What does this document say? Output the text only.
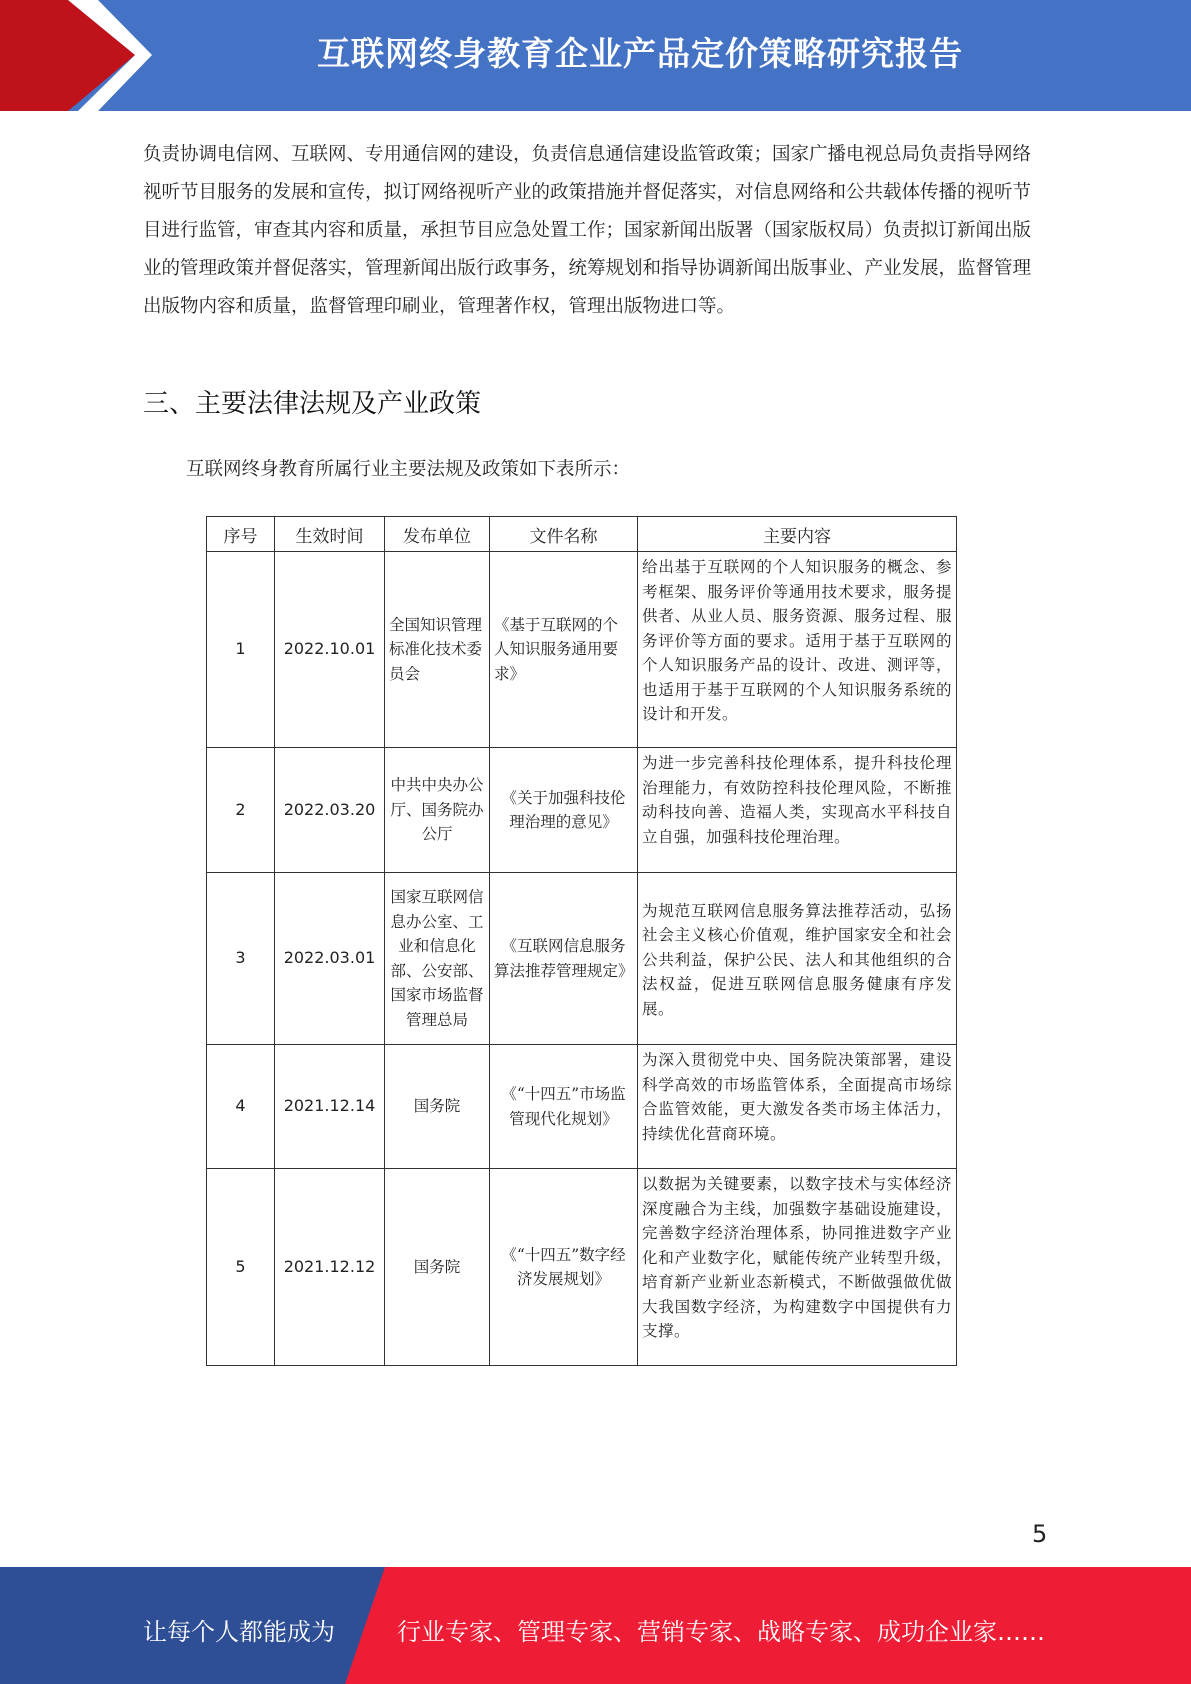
互联网终身教育企业产品定价策略研究报告
负责协调电信网、互联网、专用通信网的建设，负责信息通信建设监管政策；国家广播电视总局负责指导网络视听节目服务的发展和宣传，拟订网络视听产业的政策措施并督促落实，对信息网络和公共载体传播的视听节目进行监管，审查其内容和质量，承担节目应急处置工作；国家新闻出版署（国家版权局）负责拟订新闻出版业的管理政策并督促落实，管理新闻出版行政事务，统筹规划和指导协调新闻出版事业、产业发展，监督管理出版物内容和质量，监督管理印刷业，管理著作权，管理出版物进口等。
三、主要法律法规及产业政策
互联网终身教育所属行业主要法规及政策如下表所示：
序号	生效时间	发布单位	文件名称	主要内容
1	2022.10.01	全国知识管理标准化技术委员会	《基于互联网的个人知识服务通用要求》	给出基于互联网的个人知识服务的概念、参考框架、服务评价等通用技术要求，服务提供者、从业人员、服务资源、服务过程、服务评价等方面的要求。适用于基于互联网的个人知识服务产品的设计、改进、测评等，也适用于基于互联网的个人知识服务系统的设计和开发。
2	2022.03.20	中共中央办公厅、国务院办公厅	《关于加强科技伦理治理的意见》	为进一步完善科技伦理体系，提升科技伦理治理能力，有效防控科技伦理风险，不断推动科技向善、造福人类，实现高水平科技自立自强，加强科技伦理治理。
3	2022.03.01	国家互联网信息办公室、工业和信息化部、公安部、国家市场监督管理总局	《互联网信息服务算法推荐管理规定》	为规范互联网信息服务算法推荐活动，弘扬社会主义核心价值观，维护国家安全和社会公共利益，保护公民、法人和其他组织的合法权益，促进互联网信息服务健康有序发展。
4	2021.12.14	国务院	《“十四五”市场监管现代化规划》	为深入贯彻党中央、国务院决策部署，建设科学高效的市场监管体系，全面提高市场综合监管效能，更大激发各类市场主体活力，持续优化营商环境。
5	2021.12.12	国务院	《“十四五”数字经济发展规划》	以数据为关键要素，以数字技术与实体经济深度融合为主线，加强数字基础设施建设，完善数字经济治理体系，协同推进数字产业化和产业数字化，赋能传统产业转型升级，培育新产业新业态新模式，不断做强做优做大我国数字经济，为构建数字中国提供有力支撑。
5
让每个人都能成为	行业专家、管理专家、营销专家、战略专家、成功企业家……
